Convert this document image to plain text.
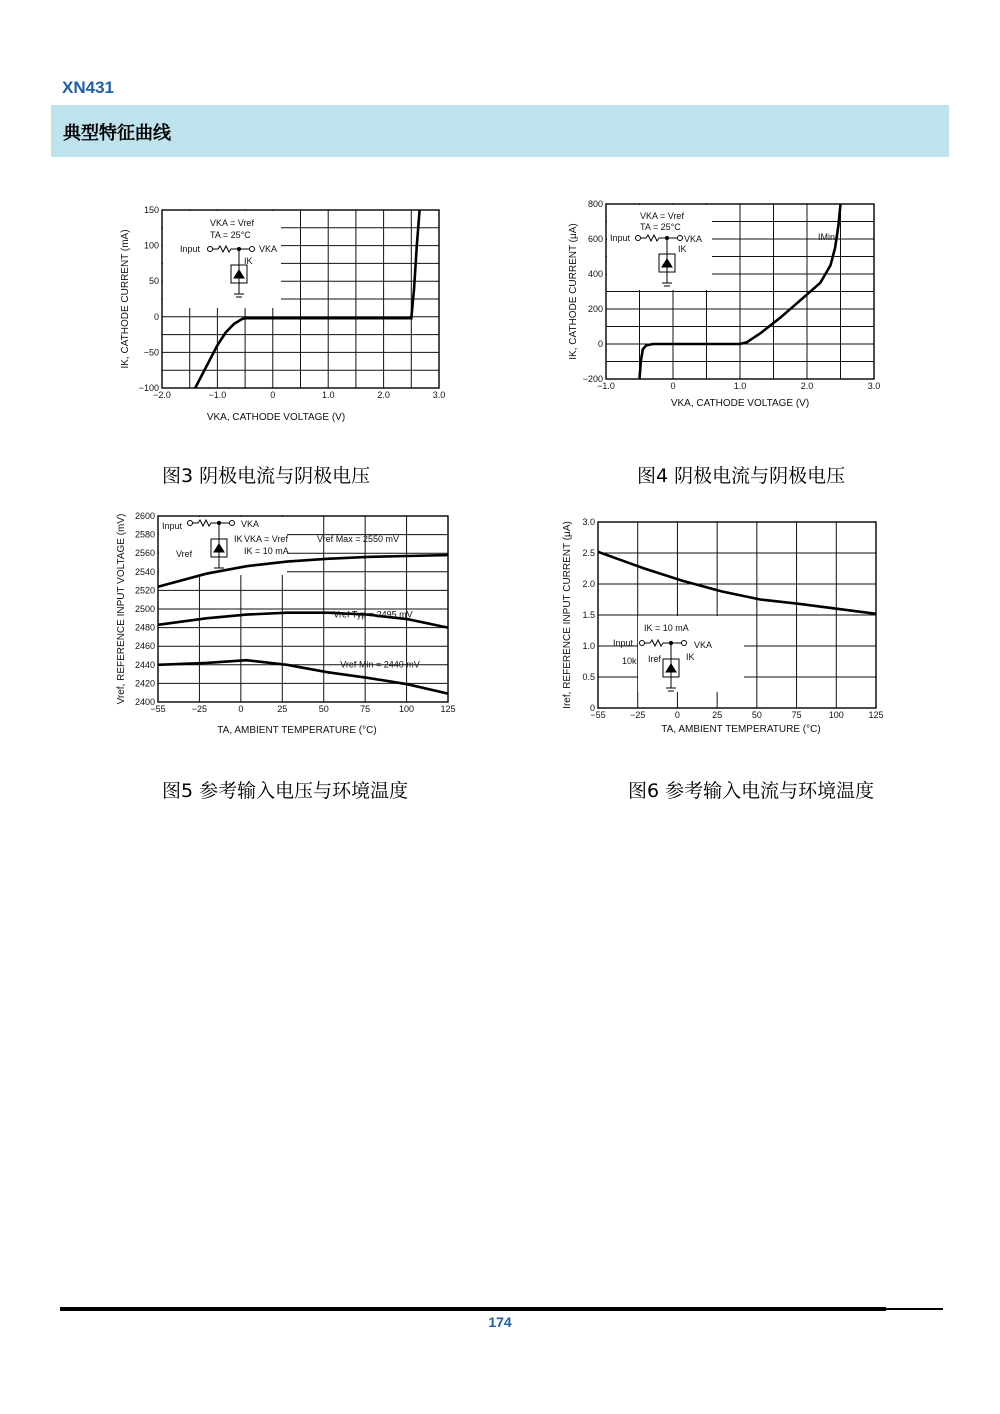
XN431
典型特征曲线
−2.0	−1.0	0	1.0	2.0	3.0
−100
−50
0
50
100
150
VKA, CATHODE VOLTAGE (V)
IK, CATHODE CURRENT (mA)
VKA = Vref
TA = 25°C
Input	VKA
IK
图3 阴极电流与阴极电压
−1.0	0	1.0	2.0	3.0
−200
0
200
400
600
800
VKA, CATHODE VOLTAGE (V)
IK, CATHODE CURRENT (μA)
VKA = Vref
TA = 25°C
Input	VKA
IK
IMin
图4 阴极电流与阴极电压
−55	−25	0	25	50	75	100	125
2400
2420
2440
2460
2480
2500
2520
2540
2560
2580
2600
TA, AMBIENT TEMPERATURE (°C)
Vref, REFERENCE INPUT VOLTAGE (mV)	Input	VKA
IK VKA = Vref
IK = 10 mA
Vref
Vref Max = 2550 mV
Vref Typ = 2495 mV
Vref Min = 2440 mV
图5 参考输入电压与环境温度
−55	−25	0	25	50	75	100	125
0
0.5
1.0
1.5
2.0
2.5
3.0
TA, AMBIENT TEMPERATURE (°C)
Iref, REFERENCE INPUT CURRENT (μA)	IK = 10 mA
Input	VKA
IK
10k Iref
图6 参考输入电流与环境温度
174
